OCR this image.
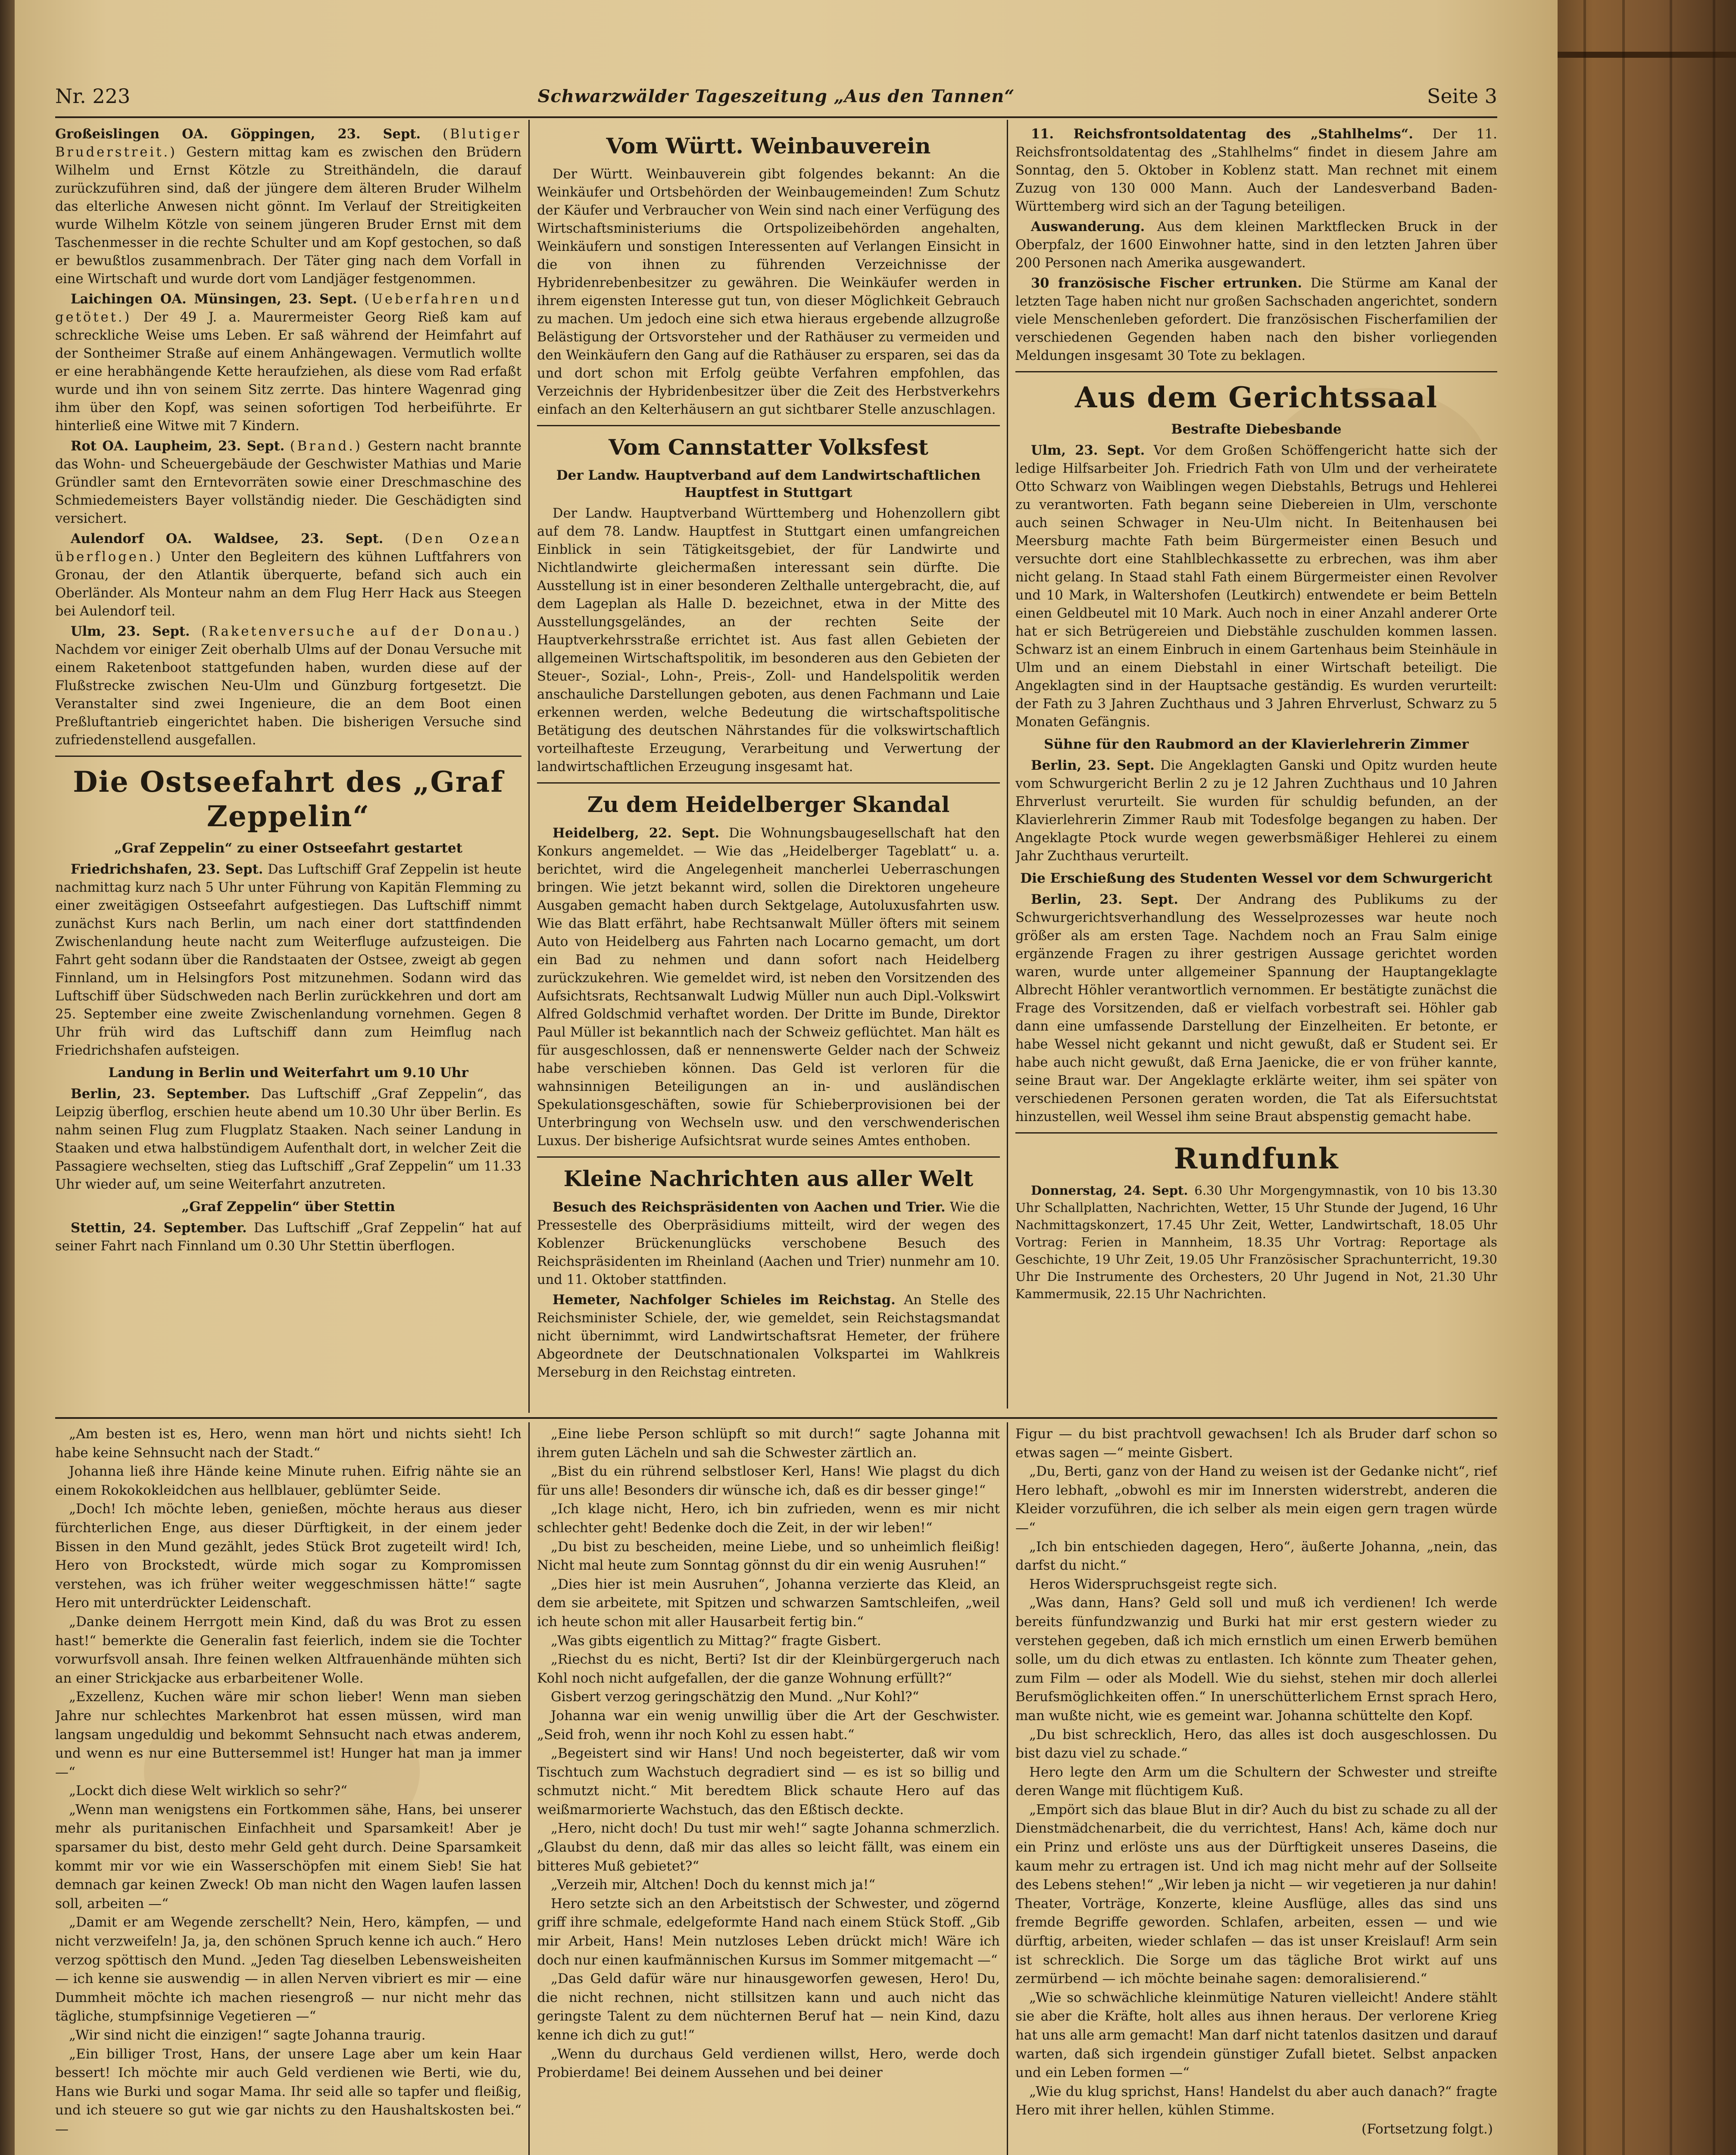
Nr. 223	Schwarzwälder Tageszeitung „Aus den Tannen“	Seite 3

Großeislingen OA. Göppingen, 23. Sept. (Blutiger Bruderstreit.) Gestern mittag kam es zwischen den Brüdern Wilhelm und Ernst Kötzle zu Streithändeln, die darauf zurückzuführen sind, daß der jüngere dem älteren Bruder Wilhelm das elterliche Anwesen nicht gönnt. Im Verlauf der Streitigkeiten wurde Wilhelm Kötzle von seinem jüngeren Bruder Ernst mit dem Taschenmesser in die rechte Schulter und am Kopf gestochen, so daß er bewußtlos zusammenbrach. Der Täter ging nach dem Vorfall in eine Wirtschaft und wurde dort vom Landjäger festgenommen.

Laichingen OA. Münsingen, 23. Sept. (Ueberfahren und getötet.) Der 49 J. a. Maurermeister Georg Rieß kam auf schreckliche Weise ums Leben. Er saß während der Heimfahrt auf der Sontheimer Straße auf einem Anhängewagen. Vermutlich wollte er eine herabhängende Kette heraufziehen, als diese vom Rad erfaßt wurde und ihn von seinem Sitz zerrte. Das hintere Wagenrad ging ihm über den Kopf, was seinen sofortigen Tod herbeiführte. Er hinterließ eine Witwe mit 7 Kindern.

Rot OA. Laupheim, 23. Sept. (Brand.) Gestern nacht brannte das Wohn- und Scheuergebäude der Geschwister Mathias und Marie Gründler samt den Erntevorräten sowie einer Dreschmaschine des Schmiedemeisters Bayer vollständig nieder. Die Geschädigten sind versichert.

Aulendorf OA. Waldsee, 23. Sept. (Den Ozean überflogen.) Unter den Begleitern des kühnen Luftfahrers von Gronau, der den Atlantik überquerte, befand sich auch ein Oberländer. Als Monteur nahm an dem Flug Herr Hack aus Steegen bei Aulendorf teil.

Ulm, 23. Sept. (Raketenversuche auf der Donau.) Nachdem vor einiger Zeit oberhalb Ulms auf der Donau Versuche mit einem Raketenboot stattgefunden haben, wurden diese auf der Flußstrecke zwischen Neu-Ulm und Günzburg fortgesetzt. Die Veranstalter sind zwei Ingenieure, die an dem Boot einen Preßluftantrieb eingerichtet haben. Die bisherigen Versuche sind zufriedenstellend ausgefallen.

Die Ostseefahrt des „Graf Zeppelin“
„Graf Zeppelin“ zu einer Ostseefahrt gestartet

Friedrichshafen, 23. Sept. Das Luftschiff Graf Zeppelin ist heute nachmittag kurz nach 5 Uhr unter Führung von Kapitän Flemming zu einer zweitägigen Ostseefahrt aufgestiegen. Das Luftschiff nimmt zunächst Kurs nach Berlin, um nach einer dort stattfindenden Zwischenlandung heute nacht zum Weiterfluge aufzusteigen. Die Fahrt geht sodann über die Randstaaten der Ostsee, zweigt ab gegen Finnland, um in Helsingfors Post mitzunehmen. Sodann wird das Luftschiff über Südschweden nach Berlin zurückkehren und dort am 25. September eine zweite Zwischenlandung vornehmen. Gegen 8 Uhr früh wird das Luftschiff dann zum Heimflug nach Friedrichshafen aufsteigen.

Landung in Berlin und Weiterfahrt um 9.10 Uhr

Berlin, 23. September. Das Luftschiff „Graf Zeppelin“, das Leipzig überflog, erschien heute abend um 10.30 Uhr über Berlin. Es nahm seinen Flug zum Flugplatz Staaken. Nach seiner Landung in Staaken und etwa halbstündigem Aufenthalt dort, in welcher Zeit die Passagiere wechselten, stieg das Luftschiff „Graf Zeppelin“ um 11.33 Uhr wieder auf, um seine Weiterfahrt anzutreten.

„Graf Zeppelin“ über Stettin

Stettin, 24. September. Das Luftschiff „Graf Zeppelin“ hat auf seiner Fahrt nach Finnland um 0.30 Uhr Stettin überflogen.

Vom Württ. Weinbauverein

Der Württ. Weinbauverein gibt folgendes bekannt: An die Weinkäufer und Ortsbehörden der Weinbaugemeinden! Zum Schutz der Käufer und Verbraucher von Wein sind nach einer Verfügung des Wirtschaftsministeriums die Ortspolizeibehörden angehalten, Weinkäufern und sonstigen Interessenten auf Verlangen Einsicht in die von ihnen zu führenden Verzeichnisse der Hybridenrebenbesitzer zu gewähren. Die Weinkäufer werden in ihrem eigensten Interesse gut tun, von dieser Möglichkeit Gebrauch zu machen. Um jedoch eine sich etwa hieraus ergebende allzugroße Belästigung der Ortsvorsteher und der Rathäuser zu vermeiden und den Weinkäufern den Gang auf die Rathäuser zu ersparen, sei das da und dort schon mit Erfolg geübte Verfahren empfohlen, das Verzeichnis der Hybridenbesitzer über die Zeit des Herbstverkehrs einfach an den Kelterhäusern an gut sichtbarer Stelle anzuschlagen.

Vom Cannstatter Volksfest
Der Landw. Hauptverband auf dem Landwirtschaftlichen Hauptfest in Stuttgart

Der Landw. Hauptverband Württemberg und Hohenzollern gibt auf dem 78. Landw. Hauptfest in Stuttgart einen umfangreichen Einblick in sein Tätigkeitsgebiet, der für Landwirte und Nichtlandwirte gleichermaßen interessant sein dürfte. Die Ausstellung ist in einer besonderen Zelthalle untergebracht, die, auf dem Lageplan als Halle D. bezeichnet, etwa in der Mitte des Ausstellungsgeländes, an der rechten Seite der Hauptverkehrsstraße errichtet ist. Aus fast allen Gebieten der allgemeinen Wirtschaftspolitik, im besonderen aus den Gebieten der Steuer-, Sozial-, Lohn-, Preis-, Zoll- und Handelspolitik werden anschauliche Darstellungen geboten, aus denen Fachmann und Laie erkennen werden, welche Bedeutung die wirtschaftspolitische Betätigung des deutschen Nährstandes für die volkswirtschaftlich vorteilhafteste Erzeugung, Verarbeitung und Verwertung der landwirtschaftlichen Erzeugung insgesamt hat.

Zu dem Heidelberger Skandal

Heidelberg, 22. Sept. Die Wohnungsbaugesellschaft hat den Konkurs angemeldet. — Wie das „Heidelberger Tageblatt“ u. a. berichtet, wird die Angelegenheit mancherlei Ueberraschungen bringen. Wie jetzt bekannt wird, sollen die Direktoren ungeheure Ausgaben gemacht haben durch Sektgelage, Autoluxusfahrten usw. Wie das Blatt erfährt, habe Rechtsanwalt Müller öfters mit seinem Auto von Heidelberg aus Fahrten nach Locarno gemacht, um dort ein Bad zu nehmen und dann sofort nach Heidelberg zurückzukehren. Wie gemeldet wird, ist neben den Vorsitzenden des Aufsichtsrats, Rechtsanwalt Ludwig Müller nun auch Dipl.-Volkswirt Alfred Goldschmid verhaftet worden. Der Dritte im Bunde, Direktor Paul Müller ist bekanntlich nach der Schweiz geflüchtet. Man hält es für ausgeschlossen, daß er nennenswerte Gelder nach der Schweiz habe verschieben können. Das Geld ist verloren für die wahnsinnigen Beteiligungen an in- und ausländischen Spekulationsgeschäften, sowie für Schieberprovisionen bei der Unterbringung von Wechseln usw. und den verschwenderischen Luxus. Der bisherige Aufsichtsrat wurde seines Amtes enthoben.

Kleine Nachrichten aus aller Welt

Besuch des Reichspräsidenten von Aachen und Trier. Wie die Pressestelle des Oberpräsidiums mitteilt, wird der wegen des Koblenzer Brückenunglücks verschobene Besuch des Reichspräsidenten im Rheinland (Aachen und Trier) nunmehr am 10. und 11. Oktober stattfinden.

Hemeter, Nachfolger Schieles im Reichstag. An Stelle des Reichsminister Schiele, der, wie gemeldet, sein Reichstagsmandat nicht übernimmt, wird Landwirtschaftsrat Hemeter, der frühere Abgeordnete der Deutschnationalen Volkspartei im Wahlkreis Merseburg in den Reichstag eintreten.

11. Reichsfrontsoldatentag des „Stahlhelms“. Der 11. Reichsfrontsoldatentag des „Stahlhelms“ findet in diesem Jahre am Sonntag, den 5. Oktober in Koblenz statt. Man rechnet mit einem Zuzug von 130 000 Mann. Auch der Landesverband Baden-Württemberg wird sich an der Tagung beteiligen.

Auswanderung. Aus dem kleinen Marktflecken Bruck in der Oberpfalz, der 1600 Einwohner hatte, sind in den letzten Jahren über 200 Personen nach Amerika ausgewandert.

30 französische Fischer ertrunken. Die Stürme am Kanal der letzten Tage haben nicht nur großen Sachschaden angerichtet, sondern viele Menschenleben gefordert. Die französischen Fischerfamilien der verschiedenen Gegenden haben nach den bisher vorliegenden Meldungen insgesamt 30 Tote zu beklagen.

Aus dem Gerichtssaal
Bestrafte Diebesbande

Ulm, 23. Sept. Vor dem Großen Schöffengericht hatte sich der ledige Hilfsarbeiter Joh. Friedrich Fath von Ulm und der verheiratete Otto Schwarz von Waiblingen wegen Diebstahls, Betrugs und Hehlerei zu verantworten. Fath begann seine Diebereien in Ulm, verschonte auch seinen Schwager in Neu-Ulm nicht. In Beitenhausen bei Meersburg machte Fath beim Bürgermeister einen Besuch und versuchte dort eine Stahlblechkassette zu erbrechen, was ihm aber nicht gelang. In Staad stahl Fath einem Bürgermeister einen Revolver und 10 Mark, in Waltershofen (Leutkirch) entwendete er beim Betteln einen Geldbeutel mit 10 Mark. Auch noch in einer Anzahl anderer Orte hat er sich Betrügereien und Diebstähle zuschulden kommen lassen. Schwarz ist an einem Einbruch in einem Gartenhaus beim Steinhäule in Ulm und an einem Diebstahl in einer Wirtschaft beteiligt. Die Angeklagten sind in der Hauptsache geständig. Es wurden verurteilt: der Fath zu 3 Jahren Zuchthaus und 3 Jahren Ehrverlust, Schwarz zu 5 Monaten Gefängnis.

Sühne für den Raubmord an der Klavierlehrerin Zimmer

Berlin, 23. Sept. Die Angeklagten Ganski und Opitz wurden heute vom Schwurgericht Berlin 2 zu je 12 Jahren Zuchthaus und 10 Jahren Ehrverlust verurteilt. Sie wurden für schuldig befunden, an der Klavierlehrerin Zimmer Raub mit Todesfolge begangen zu haben. Der Angeklagte Ptock wurde wegen gewerbsmäßiger Hehlerei zu einem Jahr Zuchthaus verurteilt.

Die Erschießung des Studenten Wessel vor dem Schwurgericht

Berlin, 23. Sept. Der Andrang des Publikums zu der Schwurgerichtsverhandlung des Wesselprozesses war heute noch größer als am ersten Tage. Nachdem noch an Frau Salm einige ergänzende Fragen zu ihrer gestrigen Aussage gerichtet worden waren, wurde unter allgemeiner Spannung der Hauptangeklagte Albrecht Höhler verantwortlich vernommen. Er bestätigte zunächst die Frage des Vorsitzenden, daß er vielfach vorbestraft sei. Höhler gab dann eine umfassende Darstellung der Einzelheiten. Er betonte, er habe Wessel nicht gekannt und nicht gewußt, daß er Student sei. Er habe auch nicht gewußt, daß Erna Jaenicke, die er von früher kannte, seine Braut war. Der Angeklagte erklärte weiter, ihm sei später von verschiedenen Personen geraten worden, die Tat als Eifersuchtstat hinzustellen, weil Wessel ihm seine Braut abspenstig gemacht habe.

Rundfunk

Donnerstag, 24. Sept. 6.30 Uhr Morgengymnastik, von 10 bis 13.30 Uhr Schallplatten, Nachrichten, Wetter, 15 Uhr Stunde der Jugend, 16 Uhr Nachmittagskonzert, 17.45 Uhr Zeit, Wetter, Landwirtschaft, 18.05 Uhr Vortrag: Ferien in Mannheim, 18.35 Uhr Vortrag: Reportage als Geschichte, 19 Uhr Zeit, 19.05 Uhr Französischer Sprachunterricht, 19.30 Uhr Die Instrumente des Orchesters, 20 Uhr Jugend in Not, 21.30 Uhr Kammermusik, 22.15 Uhr Nachrichten.

„Am besten ist es, Hero, wenn man hört und nichts sieht! Ich habe keine Sehnsucht nach der Stadt.“

Johanna ließ ihre Hände keine Minute ruhen. Eifrig nähte sie an einem Rokokokleidchen aus hellblauer, geblümter Seide.

„Doch! Ich möchte leben, genießen, möchte heraus aus dieser fürchterlichen Enge, aus dieser Dürftigkeit, in der einem jeder Bissen in den Mund gezählt, jedes Stück Brot zugeteilt wird! Ich, Hero von Brockstedt, würde mich sogar zu Kompromissen verstehen, was ich früher weiter weggeschmissen hätte!“ sagte Hero mit unterdrückter Leidenschaft.

„Danke deinem Herrgott mein Kind, daß du was Brot zu essen hast!“ bemerkte die Generalin fast feierlich, indem sie die Tochter vorwurfsvoll ansah. Ihre feinen welken Altfrauenhände mühten sich an einer Strickjacke aus erbarbeitener Wolle.

„Exzellenz, Kuchen wäre mir schon lieber! Wenn man sieben Jahre nur schlechtes Markenbrot hat essen müssen, wird man langsam ungeduldig und bekommt Sehnsucht nach etwas anderem, und wenn es nur eine Buttersemmel ist! Hunger hat man ja immer —“

„Lockt dich diese Welt wirklich so sehr?“

„Wenn man wenigstens ein Fortkommen sähe, Hans, bei unserer mehr als puritanischen Einfachheit und Sparsamkeit! Aber je sparsamer du bist, desto mehr Geld geht durch. Deine Sparsamkeit kommt mir vor wie ein Wasserschöpfen mit einem Sieb! Sie hat demnach gar keinen Zweck! Ob man nicht den Wagen laufen lassen soll, arbeiten —“

„Damit er am Wegende zerschellt? Nein, Hero, kämpfen, — und nicht verzweifeln! Ja, ja, den schönen Spruch kenne ich auch.“ Hero verzog spöttisch den Mund. „Jeden Tag dieselben Lebensweisheiten — ich kenne sie auswendig — in allen Nerven vibriert es mir — eine Dummheit möchte ich machen riesengroß — nur nicht mehr das tägliche, stumpfsinnige Vegetieren —“

„Wir sind nicht die einzigen!“ sagte Johanna traurig.

„Ein billiger Trost, Hans, der unsere Lage aber um kein Haar bessert! Ich möchte mir auch Geld verdienen wie Berti, wie du, Hans wie Burki und sogar Mama. Ihr seid alle so tapfer und fleißig, und ich steuere so gut wie gar nichts zu den Haushaltskosten bei.“ —

„Eine liebe Person schlüpft so mit durch!“ sagte Johanna mit ihrem guten Lächeln und sah die Schwester zärtlich an.

„Bist du ein rührend selbstloser Kerl, Hans! Wie plagst du dich für uns alle! Besonders dir wünsche ich, daß es dir besser ginge!“

„Ich klage nicht, Hero, ich bin zufrieden, wenn es mir nicht schlechter geht! Bedenke doch die Zeit, in der wir leben!“

„Du bist zu bescheiden, meine Liebe, und so unheimlich fleißig! Nicht mal heute zum Sonntag gönnst du dir ein wenig Ausruhen!“

„Dies hier ist mein Ausruhen“, Johanna verzierte das Kleid, an dem sie arbeitete, mit Spitzen und schwarzen Samtschleifen, „weil ich heute schon mit aller Hausarbeit fertig bin.“

„Was gibts eigentlich zu Mittag?“ fragte Gisbert.

„Riechst du es nicht, Berti? Ist dir der Kleinbürgergeruch nach Kohl noch nicht aufgefallen, der die ganze Wohnung erfüllt?“

Gisbert verzog geringschätzig den Mund. „Nur Kohl?“

Johanna war ein wenig unwillig über die Art der Geschwister. „Seid froh, wenn ihr noch Kohl zu essen habt.“

„Begeistert sind wir Hans! Und noch begeisterter, daß wir vom Tischtuch zum Wachstuch degradiert sind — es ist so billig und schmutzt nicht.“ Mit beredtem Blick schaute Hero auf das weißmarmorierte Wachstuch, das den Eßtisch deckte.

„Hero, nicht doch! Du tust mir weh!“ sagte Johanna schmerzlich. „Glaubst du denn, daß mir das alles so leicht fällt, was einem ein bitteres Muß gebietet?“

„Verzeih mir, Altchen! Doch du kennst mich ja!“

Hero setzte sich an den Arbeitstisch der Schwester, und zögernd griff ihre schmale, edelgeformte Hand nach einem Stück Stoff. „Gib mir Arbeit, Hans! Mein nutzloses Leben drückt mich! Wäre ich doch nur einen kaufmännischen Kursus im Sommer mitgemacht —“

„Das Geld dafür wäre nur hinausgeworfen gewesen, Hero! Du, die nicht rechnen, nicht stillsitzen kann und auch nicht das geringste Talent zu dem nüchternen Beruf hat — nein Kind, dazu kenne ich dich zu gut!“

„Wenn du durchaus Geld verdienen willst, Hero, werde doch Probierdame! Bei deinem Aussehen und bei deiner

Figur — du bist prachtvoll gewachsen! Ich als Bruder darf schon so etwas sagen —“ meinte Gisbert.

„Du, Berti, ganz von der Hand zu weisen ist der Gedanke nicht“, rief Hero lebhaft, „obwohl es mir im Innersten widerstrebt, anderen die Kleider vorzuführen, die ich selber als mein eigen gern tragen würde —“

„Ich bin entschieden dagegen, Hero“, äußerte Johanna, „nein, das darfst du nicht.“

Heros Widerspruchsgeist regte sich.

„Was dann, Hans? Geld soll und muß ich verdienen! Ich werde bereits fünfundzwanzig und Burki hat mir erst gestern wieder zu verstehen gegeben, daß ich mich ernstlich um einen Erwerb bemühen solle, um du dich etwas zu entlasten. Ich könnte zum Theater gehen, zum Film — oder als Modell. Wie du siehst, stehen mir doch allerlei Berufsmöglichkeiten offen.“ In unerschütterlichem Ernst sprach Hero, man wußte nicht, wie es gemeint war. Johanna schüttelte den Kopf.

„Du bist schrecklich, Hero, das alles ist doch ausgeschlossen. Du bist dazu viel zu schade.“

Hero legte den Arm um die Schultern der Schwester und streifte deren Wange mit flüchtigem Kuß.

„Empört sich das blaue Blut in dir? Auch du bist zu schade zu all der Dienstmädchenarbeit, die du verrichtest, Hans! Ach, käme doch nur ein Prinz und erlöste uns aus der Dürftigkeit unseres Daseins, die kaum mehr zu ertragen ist. Und ich mag nicht mehr auf der Sollseite des Lebens stehen!“ „Wir leben ja nicht — wir vegetieren ja nur dahin! Theater, Vorträge, Konzerte, kleine Ausflüge, alles das sind uns fremde Begriffe geworden. Schlafen, arbeiten, essen — und wie dürftig, arbeiten, wieder schlafen — das ist unser Kreislauf! Arm sein ist schrecklich. Die Sorge um das tägliche Brot wirkt auf uns zermürbend — ich möchte beinahe sagen: demoralisierend.“

„Wie so schwächliche kleinmütige Naturen vielleicht! Andere stählt sie aber die Kräfte, holt alles aus ihnen heraus. Der verlorene Krieg hat uns alle arm gemacht! Man darf nicht tatenlos dasitzen und darauf warten, daß sich irgendein günstiger Zufall bietet. Selbst anpacken und ein Leben formen —“

„Wie du klug sprichst, Hans! Handelst du aber auch danach?“ fragte Hero mit ihrer hellen, kühlen Stimme.

(Fortsetzung folgt.)
